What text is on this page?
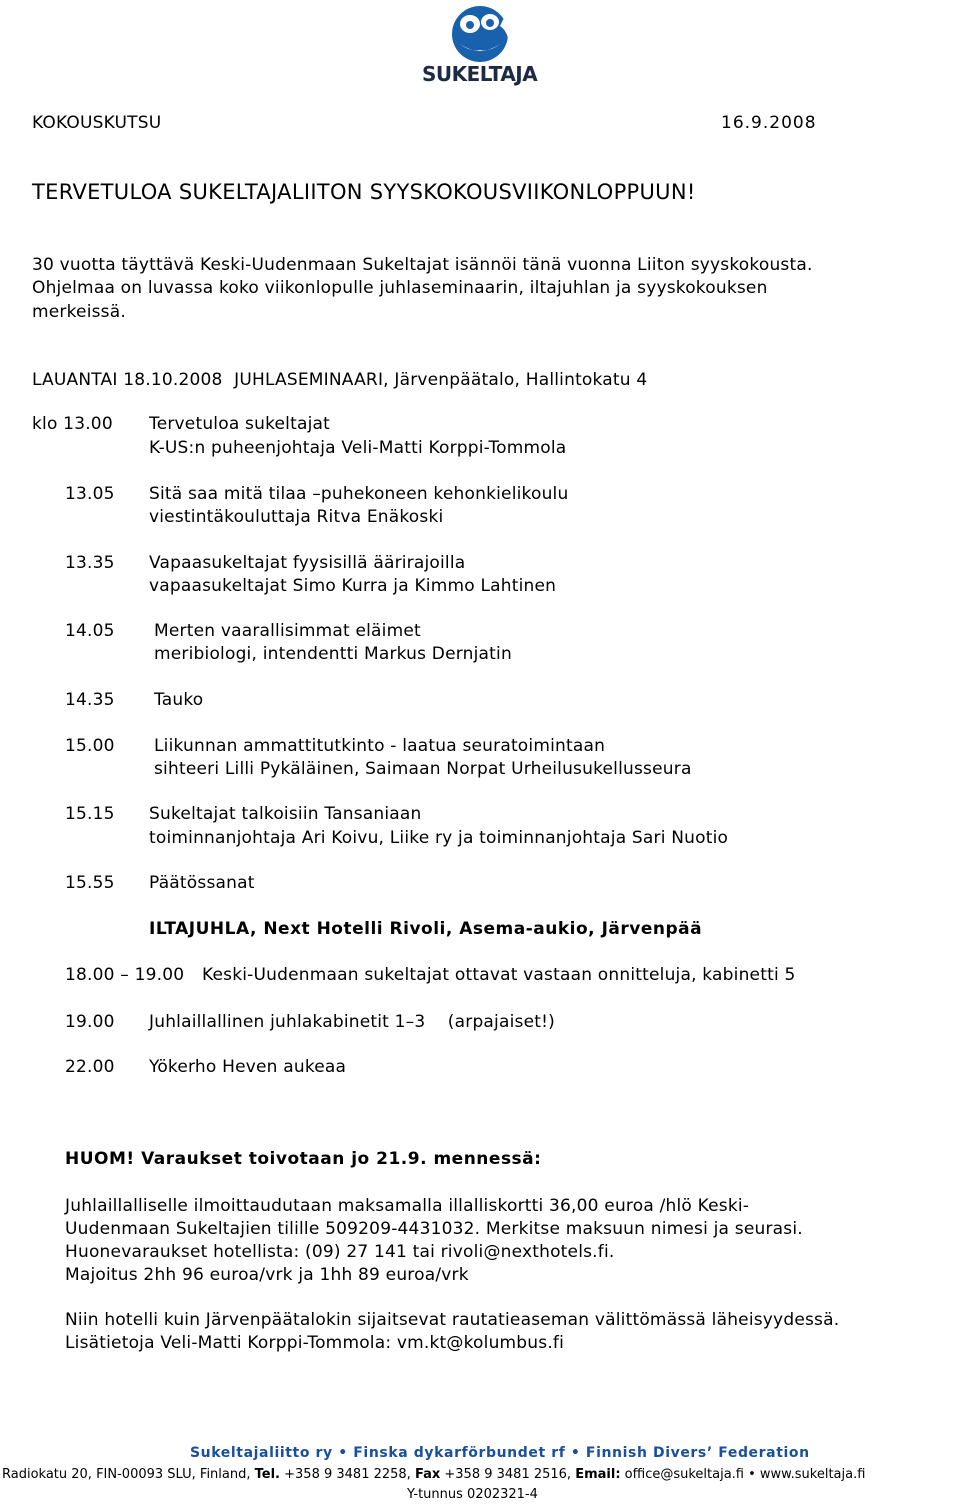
SUKELTAJA
KOKOUSKUTSU	16.9.2008
TERVETULOA SUKELTAJALIITON SYYSKOKOUSVIIKONLOPPUUN!
30 vuotta täyttävä Keski-Uudenmaan Sukeltajat isännöi tänä vuonna Liiton syyskokousta.
Ohjelmaa on luvassa koko viikonlopulle juhlaseminaarin, iltajuhlan ja syyskokouksen
merkeissä.
LAUANTAI 18.10.2008 JUHLASEMINAARI, Järvenpäätalo, Hallintokatu 4
klo 13.00 Tervetuloa sukeltajat
K-US:n puheenjohtaja Veli-Matti Korppi-Tommola
13.05 Sitä saa mitä tilaa –puhekoneen kehonkielikoulu
viestintäkouluttaja Ritva Enäkoski
13.35 Vapaasukeltajat fyysisillä äärirajoilla
vapaasukeltajat Simo Kurra ja Kimmo Lahtinen
14.05 Merten vaarallisimmat eläimet
meribiologi, intendentti Markus Dernjatin
14.35 Tauko
15.00 Liikunnan ammattitutkinto - laatua seuratoimintaan
sihteeri Lilli Pykäläinen, Saimaan Norpat Urheilusukellusseura
15.15 Sukeltajat talkoisiin Tansaniaan
toiminnanjohtaja Ari Koivu, Liike ry ja toiminnanjohtaja Sari Nuotio
15.55 Päätössanat
ILTAJUHLA, Next Hotelli Rivoli, Asema-aukio, Järvenpää
18.00 – 19.00 Keski-Uudenmaan sukeltajat ottavat vastaan onnitteluja, kabinetti 5
19.00 Juhlaillallinen juhlakabinetit 1–3    (arpajaiset!)
22.00 Yökerho Heven aukeaa
HUOM! Varaukset toivotaan jo 21.9. mennessä:
Juhlaillalliselle ilmoittaudutaan maksamalla illalliskortti 36,00 euroa /hlö Keski-
Uudenmaan Sukeltajien tilille 509209-4431032. Merkitse maksuun nimesi ja seurasi.
Huonevaraukset hotellista: (09) 27 141 tai rivoli@nexthotels.fi.
Majoitus 2hh 96 euroa/vrk ja 1hh 89 euroa/vrk
Niin hotelli kuin Järvenpäätalokin sijaitsevat rautatieaseman välittömässä läheisyydessä.
Lisätietoja Veli-Matti Korppi-Tommola: vm.kt@kolumbus.fi
Sukeltajaliitto ry • Finska dykarförbundet rf • Finnish Divers’ Federation
Radiokatu 20, FIN-00093 SLU, Finland, Tel. +358 9 3481 2258, Fax +358 9 3481 2516, Email: office@sukeltaja.fi • www.sukeltaja.fi
Y-tunnus 0202321-4
